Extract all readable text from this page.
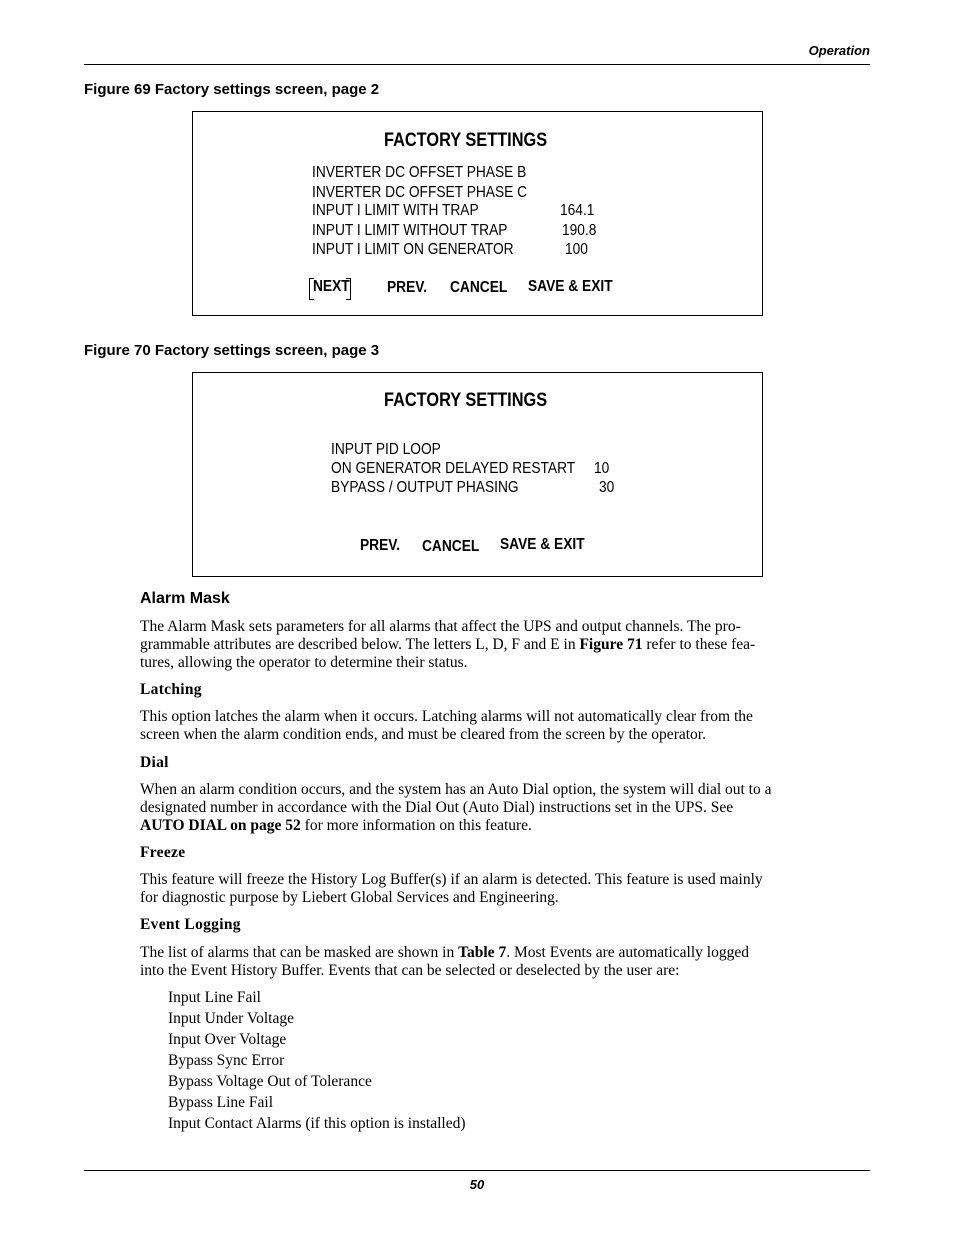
Operation
Figure 69 Factory settings screen, page 2
FACTORY SETTINGS
INVERTER DC OFFSET PHASE B
INVERTER DC OFFSET PHASE C
INPUT I LIMIT WITH TRAP	164.1
INPUT I LIMIT WITHOUT TRAP	190.8
INPUT I LIMIT ON GENERATOR	100
NEXT PREV. CANCEL SAVE & EXIT
Figure 70 Factory settings screen, page 3
FACTORY SETTINGS
INPUT PID LOOP
ON GENERATOR DELAYED RESTART 10
BYPASS / OUTPUT PHASING	30
PREV. CANCEL SAVE & EXIT
Alarm Mask
The Alarm Mask sets parameters for all alarms that affect the UPS and output channels. The pro-
grammable attributes are described below. The letters L, D, F and E in Figure 71 refer to these fea-
tures, allowing the operator to determine their status.
Latching
This option latches the alarm when it occurs. Latching alarms will not automatically clear from the
screen when the alarm condition ends, and must be cleared from the screen by the operator.
Dial
When an alarm condition occurs, and the system has an Auto Dial option, the system will dial out to a
designated number in accordance with the Dial Out (Auto Dial) instructions set in the UPS. See
AUTO DIAL on page 52 for more information on this feature.
Freeze
This feature will freeze the History Log Buffer(s) if an alarm is detected. This feature is used mainly
for diagnostic purpose by Liebert Global Services and Engineering.
Event Logging
The list of alarms that can be masked are shown in Table 7. Most Events are automatically logged
into the Event History Buffer. Events that can be selected or deselected by the user are:
Input Line Fail
Input Under Voltage
Input Over Voltage
Bypass Sync Error
Bypass Voltage Out of Tolerance
Bypass Line Fail
Input Contact Alarms (if this option is installed)
50
